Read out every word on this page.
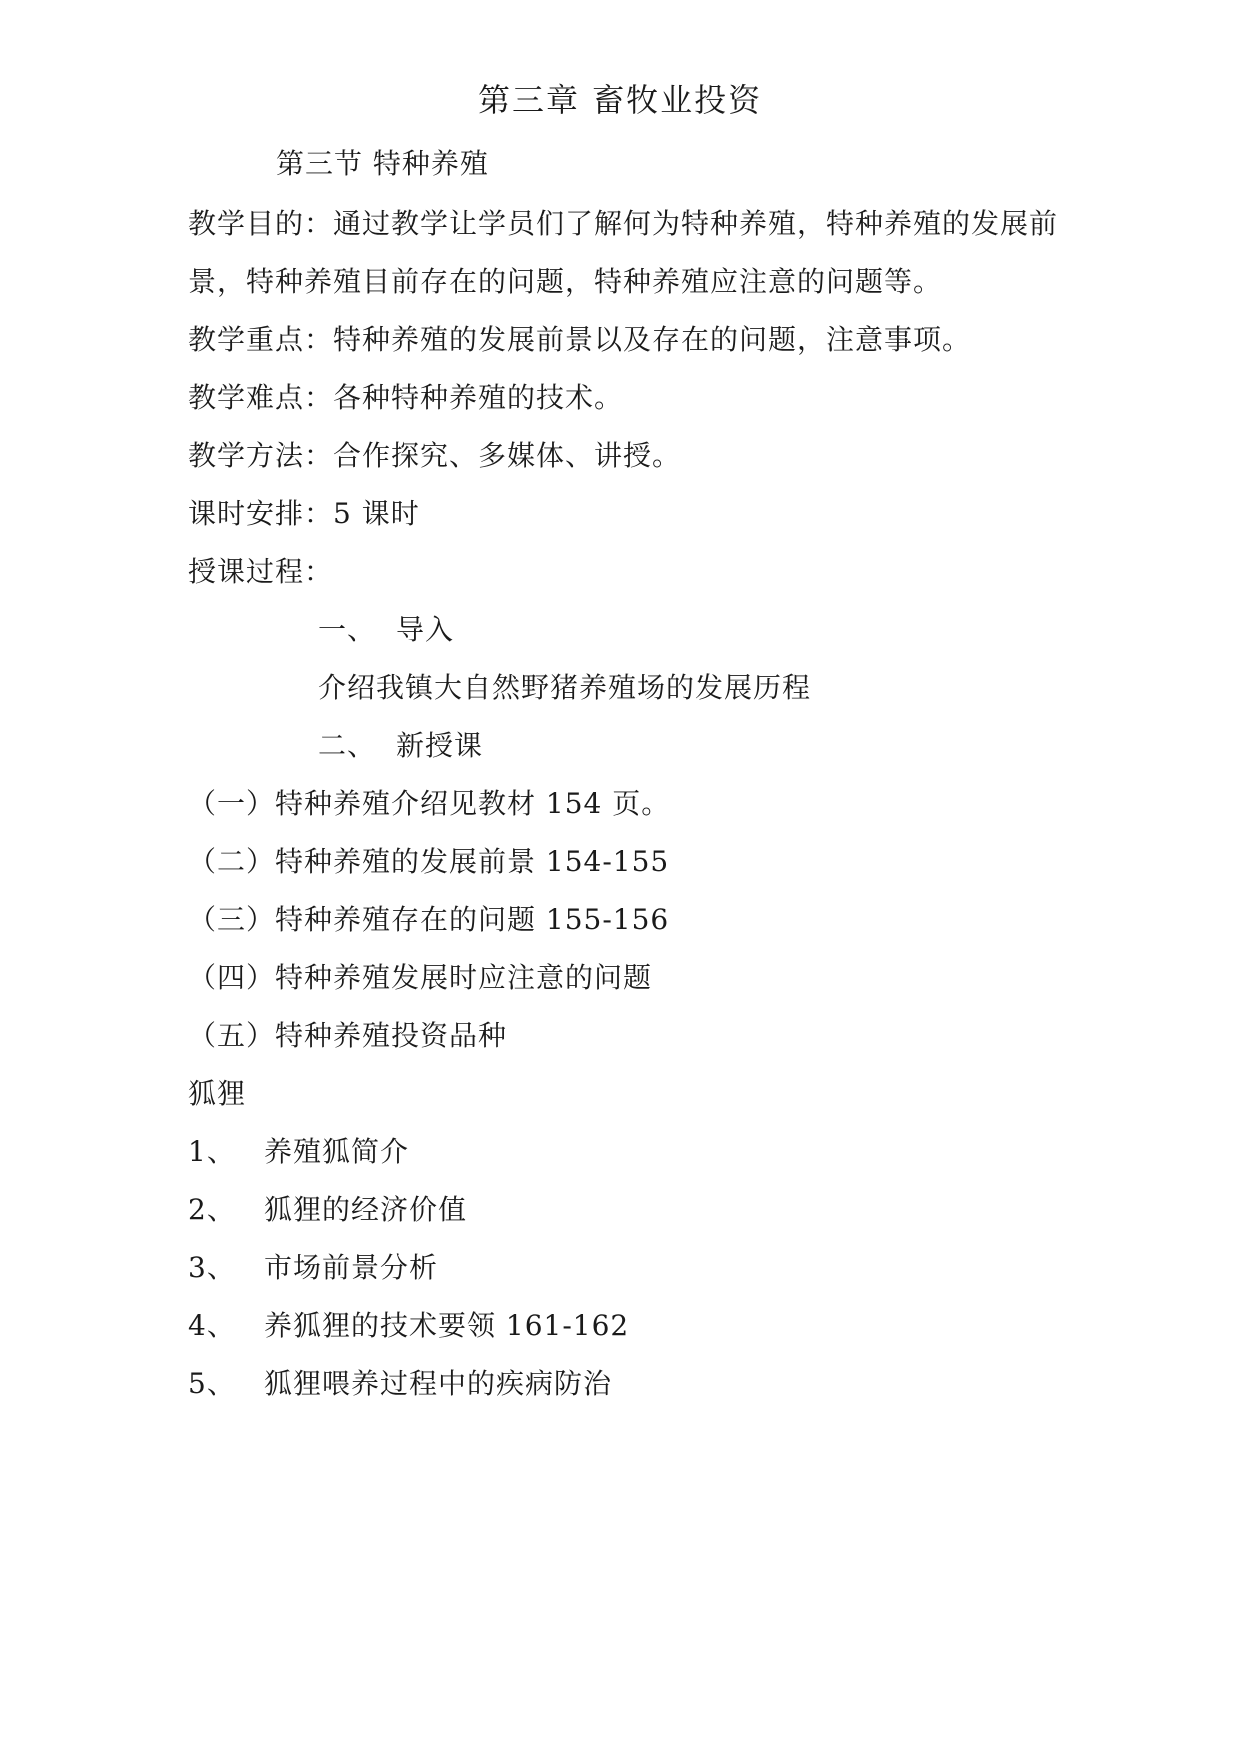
第三章 畜牧业投资

第三节 特种养殖

教学目的：通过教学让学员们了解何为特种养殖，特种养殖的发展前

景，特种养殖目前存在的问题，特种养殖应注意的问题等。

教学重点：特种养殖的发展前景以及存在的问题，注意事项。

教学难点：各种特种养殖的技术。

教学方法：合作探究、多媒体、讲授。

课时安排：5 课时

授课过程：

一、 导入

介绍我镇大自然野猪养殖场的发展历程

二、 新授课

（一）特种养殖介绍见教材 154 页。

（二）特种养殖的发展前景 154-155

（三）特种养殖存在的问题 155-156

（四）特种养殖发展时应注意的问题

（五）特种养殖投资品种

狐狸

1、 养殖狐简介

2、 狐狸的经济价值

3、 市场前景分析

4、 养狐狸的技术要领 161-162

5、 狐狸喂养过程中的疾病防治
